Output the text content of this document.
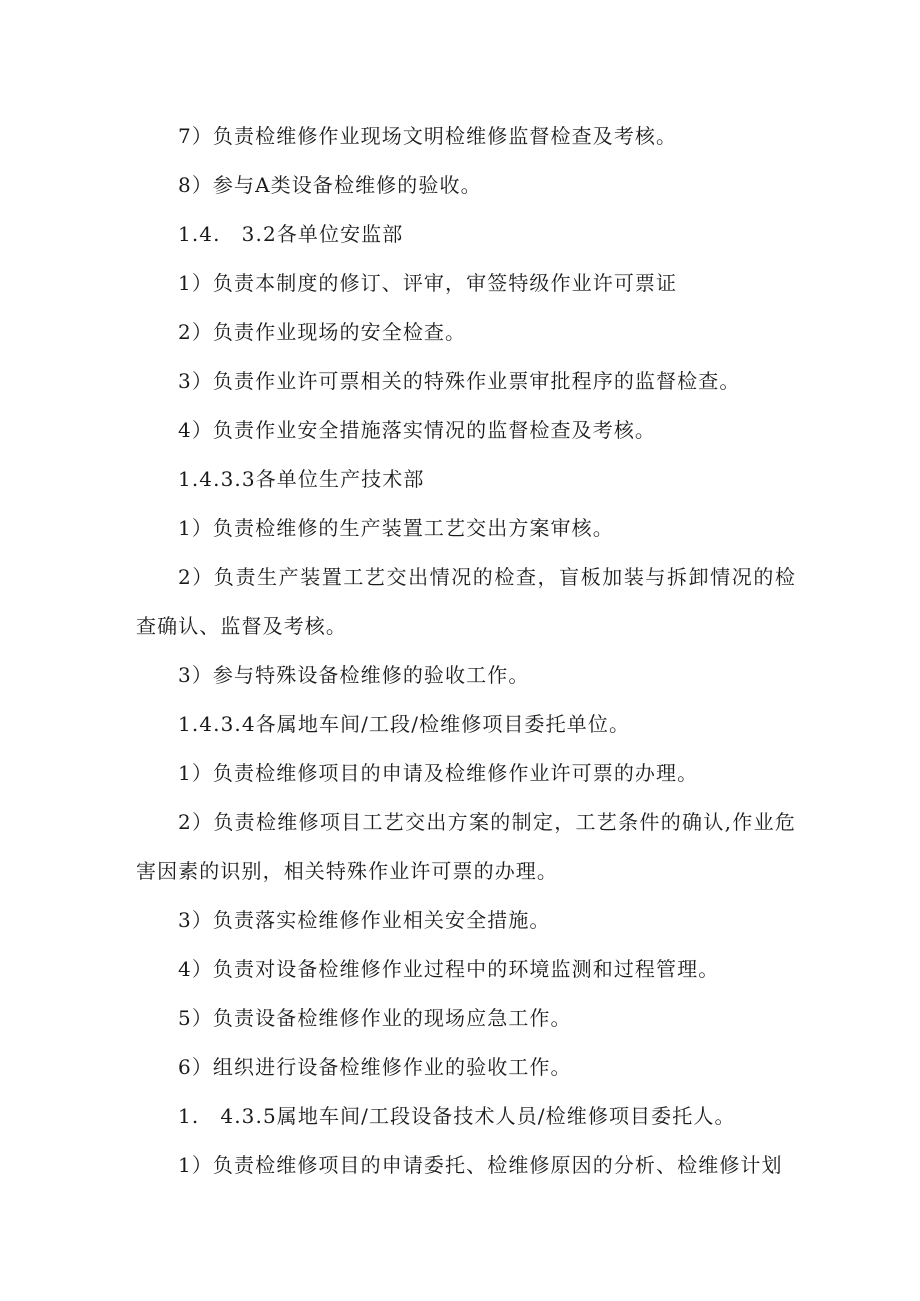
7）负责检维修作业现场文明检维修监督检查及考核。

8）参与A类设备检维修的验收。

1.4.　3.2各单位安监部

1）负责本制度的修订、评审，审签特级作业许可票证

2）负责作业现场的安全检查。

3）负责作业许可票相关的特殊作业票审批程序的监督检查。

4）负责作业安全措施落实情况的监督检查及考核。

1.4.3.3各单位生产技术部

1）负责检维修的生产装置工艺交出方案审核。

2）负责生产装置工艺交出情况的检查，盲板加装与拆卸情况的检查确认、监督及考核。

3）参与特殊设备检维修的验收工作。

1.4.3.4各属地车间/工段/检维修项目委托单位。

1）负责检维修项目的申请及检维修作业许可票的办理。

2）负责检维修项目工艺交出方案的制定，工艺条件的确认,作业危害因素的识别，相关特殊作业许可票的办理。

3）负责落实检维修作业相关安全措施。

4）负责对设备检维修作业过程中的环境监测和过程管理。

5）负责设备检维修作业的现场应急工作。

6）组织进行设备检维修作业的验收工作。

1.　4.3.5属地车间/工段设备技术人员/检维修项目委托人。

1）负责检维修项目的申请委托、检维修原因的分析、检维修计划
